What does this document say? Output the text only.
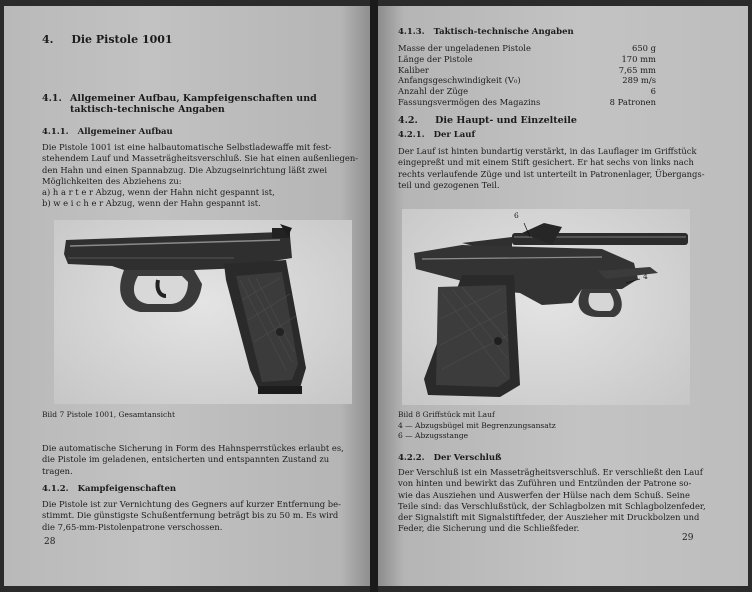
4. Die Pistole 1001
4.1. Allgemeiner Aufbau, Kampfeigenschaften und
taktisch-technische Angaben
4.1.1. Allgemeiner Aufbau
Die Pistole 1001 ist eine halbautomatische Selbstladewaffe mit fest-
stehendem Lauf und Masseträgheitsverschluß. Sie hat einen außenliegen-
den Hahn und einen Spannabzug. Die Abzugseinrichtung läßt zwei
Möglichkeiten des Abziehens zu:
a) h a r t e r Abzug, wenn der Hahn nicht gespannt ist,
b) w e i c h e r Abzug, wenn der Hahn gespannt ist.
Bild 7 Pistole 1001, Gesamtansicht
Die automatische Sicherung in Form des Hahnsperrstückes erlaubt es,
die Pistole im geladenen, entsicherten und entspannten Zustand zu
tragen.
4.1.2. Kampfeigenschaften
Die Pistole ist zur Vernichtung des Gegners auf kurzer Entfernung be-
stimmt. Die günstigste Schußentfernung beträgt bis zu 50 m. Es wird
die 7,65-mm-Pistolenpatrone verschossen.
28
4.1.3. Taktisch-technische Angaben
Masse der ungeladenen Pistole	650 g
Länge der Pistole	170 mm
Kaliber	7,65 mm
Anfangsgeschwindigkeit (V₀)	289 m/s
Anzahl der Züge	6
Fassungsvermögen des Magazins	8 Patronen
4.2. Die Haupt- und Einzelteile
4.2.1. Der Lauf
Der Lauf ist hinten bundartig verstärkt, in das Lauflager im Griffstück
eingepreßt und mit einem Stift gesichert. Er hat sechs von links nach
rechts verlaufende Züge und ist unterteilt in Patronenlager, Übergangs-
teil und gezogenen Teil.
6
4
Bild 8 Griffstück mit Lauf
4 — Abzugsbügel mit Begrenzungsansatz
6 — Abzugsstange
4.2.2. Der Verschluß
Der Verschluß ist ein Masseträgheitsverschluß. Er verschließt den Lauf
von hinten und bewirkt das Zuführen und Entzünden der Patrone so-
wie das Ausziehen und Auswerfen der Hülse nach dem Schuß. Seine
Teile sind: das Verschlußstück, der Schlagbolzen mit Schlagbolzenfeder,
der Signalstift mit Signalstiftfeder, der Auszieher mit Druckbolzen und
Feder, die Sicherung und die Schließfeder.
29
